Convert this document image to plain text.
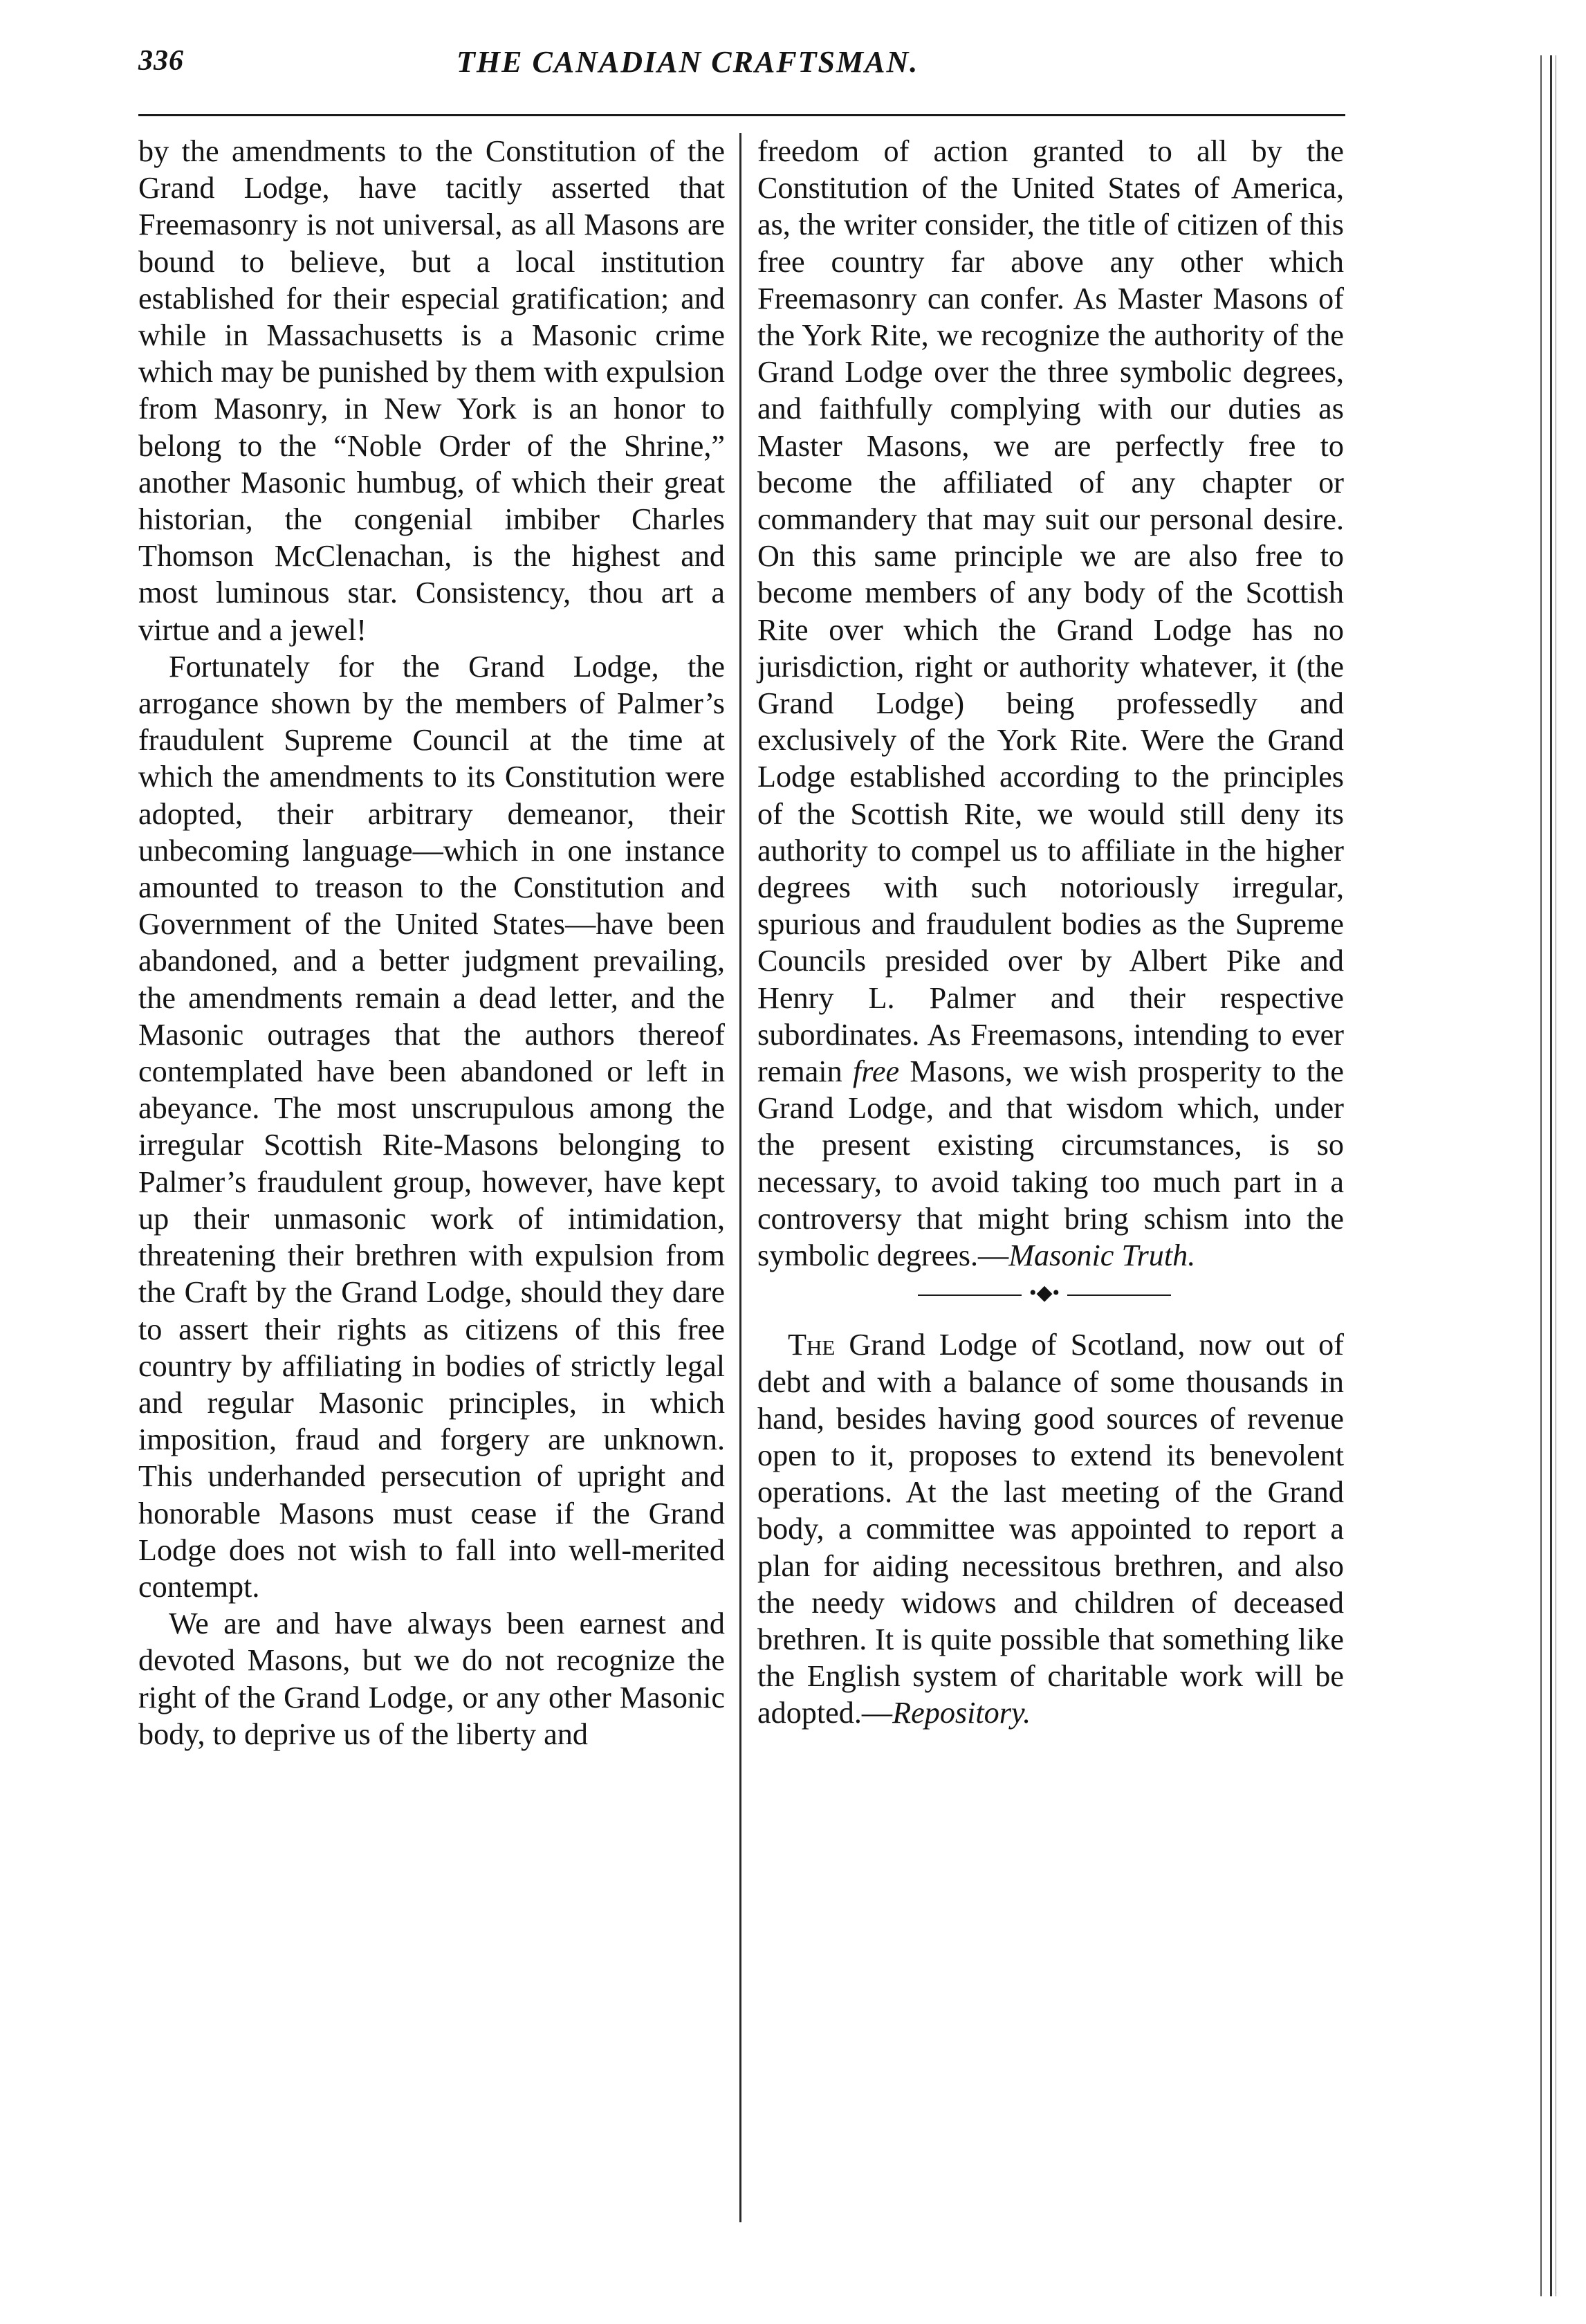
336	THE CANADIAN CRAFTSMAN.

by the amendments to the Constitution of the Grand Lodge, have tacitly asserted that Freemasonry is not universal, as all Masons are bound to believe, but a local institution established for their especial gratification; and while in Massachusetts is a Masonic crime which may be punished by them with expulsion from Masonry, in New York is an honor to belong to the “Noble Order of the Shrine,” another Masonic humbug, of which their great historian, the congenial imbiber Charles Thomson McClenachan, is the highest and most luminous star. Consistency, thou art a virtue and a jewel!

Fortunately for the Grand Lodge, the arrogance shown by the members of Palmer’s fraudulent Supreme Council at the time at which the amendments to its Constitution were adopted, their arbitrary demeanor, their unbecoming language—which in one instance amounted to treason to the Constitution and Government of the United States—have been abandoned, and a better judgment prevailing, the amendments remain a dead letter, and the Masonic outrages that the authors thereof contemplated have been abandoned or left in abeyance. The most unscrupulous among the irregular Scottish Rite-Masons belonging to Palmer’s fraudulent group, however, have kept up their unmasonic work of intimidation, threatening their brethren with expulsion from the Craft by the Grand Lodge, should they dare to assert their rights as citizens of this free country by affiliating in bodies of strictly legal and regular Masonic principles, in which imposition, fraud and forgery are unknown. This underhanded persecution of upright and honorable Masons must cease if the Grand Lodge does not wish to fall into well-merited contempt.

We are and have always been earnest and devoted Masons, but we do not recognize the right of the Grand Lodge, or any other Masonic body, to deprive us of the liberty and

freedom of action granted to all by the Constitution of the United States of America, as, the writer consider, the title of citizen of this free country far above any other which Freemasonry can confer. As Master Masons of the York Rite, we recognize the authority of the Grand Lodge over the three symbolic degrees, and faithfully complying with our duties as Master Masons, we are perfectly free to become the affiliated of any chapter or commandery that may suit our personal desire. On this same principle we are also free to become members of any body of the Scottish Rite over which the Grand Lodge has no jurisdiction, right or authority whatever, it (the Grand Lodge) being professedly and exclusively of the York Rite. Were the Grand Lodge established according to the principles of the Scottish Rite, we would still deny its authority to compel us to affiliate in the higher degrees with such notoriously irregular, spurious and fraudulent bodies as the Supreme Councils presided over by Albert Pike and Henry L. Palmer and their respective subordinates. As Freemasons, intending to ever remain free Masons, we wish prosperity to the Grand Lodge, and that wisdom which, under the present existing circumstances, is so necessary, to avoid taking too much part in a controversy that might bring schism into the symbolic degrees.—Masonic Truth.

•◆•

The Grand Lodge of Scotland, now out of debt and with a balance of some thousands in hand, besides having good sources of revenue open to it, proposes to extend its benevolent operations. At the last meeting of the Grand body, a committee was appointed to report a plan for aiding necessitous brethren, and also the needy widows and children of deceased brethren. It is quite possible that something like the English system of charitable work will be adopted.—Repository.
